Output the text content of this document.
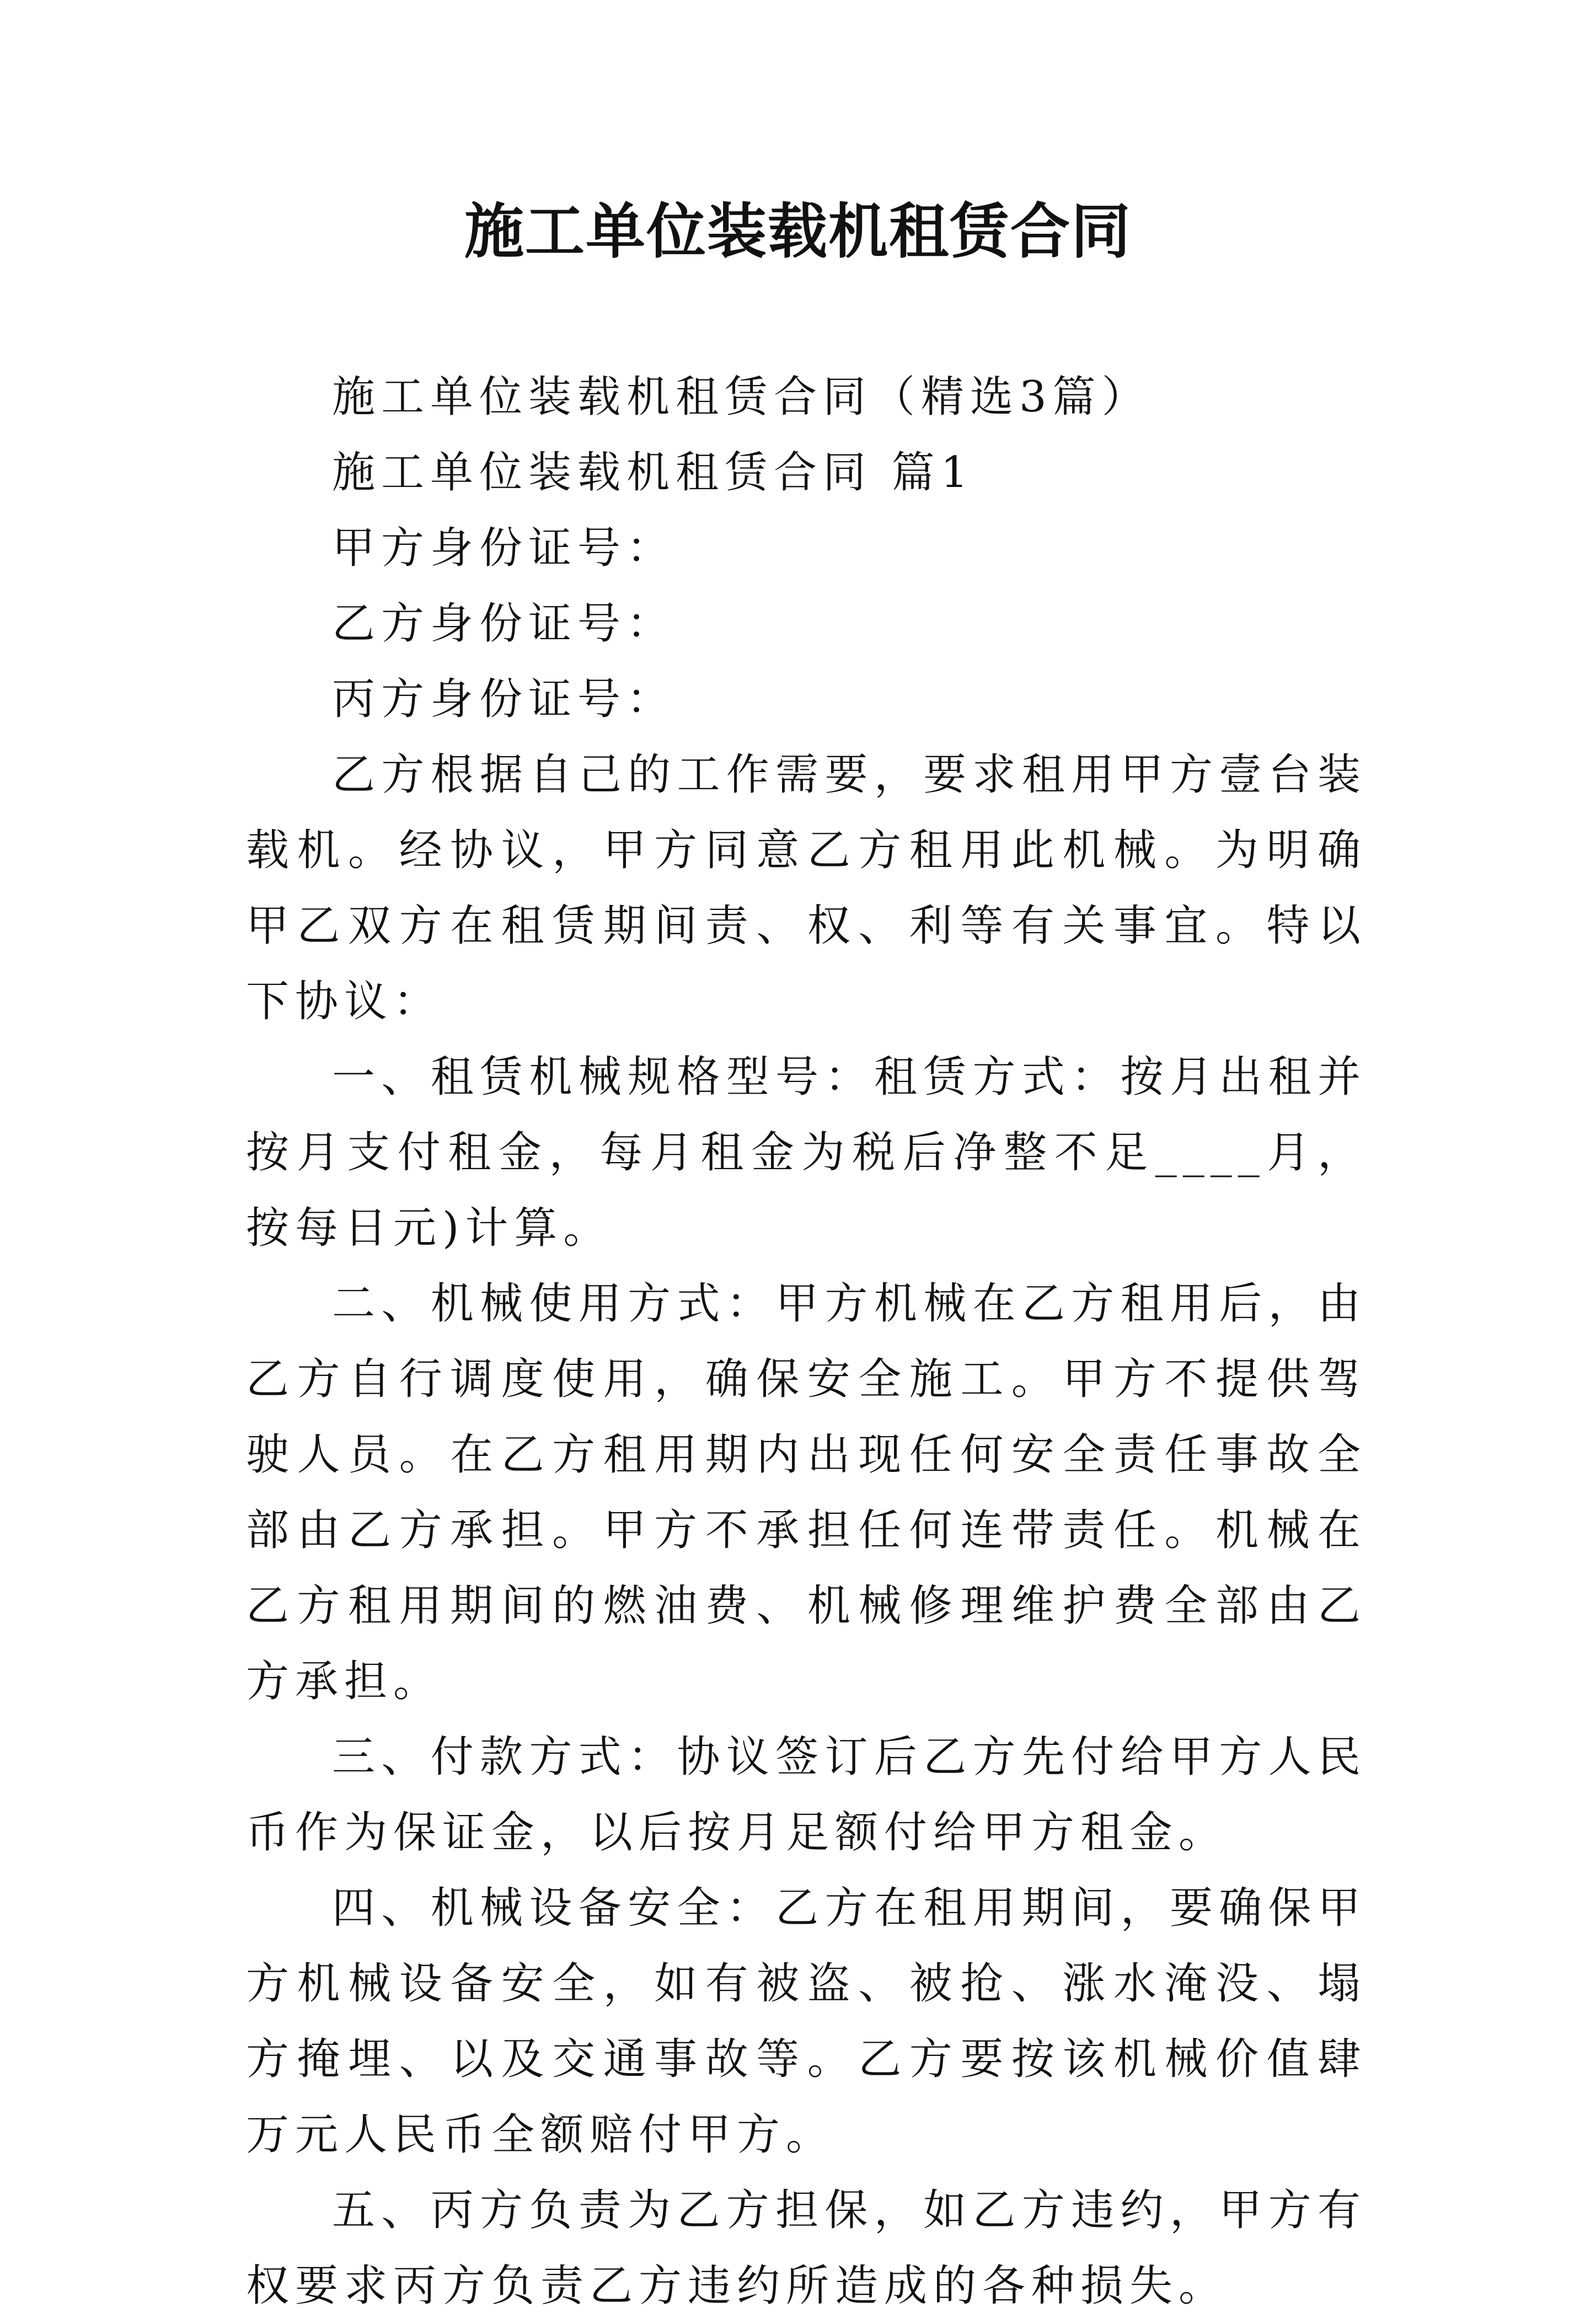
施工单位装载机租赁合同

施工单位装载机租赁合同（精选3篇）

施工单位装载机租赁合同 篇1

甲方身份证号：

乙方身份证号：

丙方身份证号：

乙方根据自己的工作需要，要求租用甲方壹台装载机。经协议，甲方同意乙方租用此机械。为明确甲乙双方在租赁期间责、权、利等有关事宜。特以下协议：

一、租赁机械规格型号：租赁方式：按月出租并按月支付租金，每月租金为税后净整不足____月，按每日元)计算。

二、机械使用方式：甲方机械在乙方租用后，由乙方自行调度使用，确保安全施工。甲方不提供驾驶人员。在乙方租用期内出现任何安全责任事故全部由乙方承担。甲方不承担任何连带责任。机械在乙方租用期间的燃油费、机械修理维护费全部由乙方承担。

三、付款方式：协议签订后乙方先付给甲方人民币作为保证金，以后按月足额付给甲方租金。

四、机械设备安全：乙方在租用期间，要确保甲方机械设备安全，如有被盗、被抢、涨水淹没、塌方掩埋、以及交通事故等。乙方要按该机械价值肆万元人民币全额赔付甲方。

五、丙方负责为乙方担保，如乙方违约，甲方有权要求丙方负责乙方违约所造成的各种损失。
